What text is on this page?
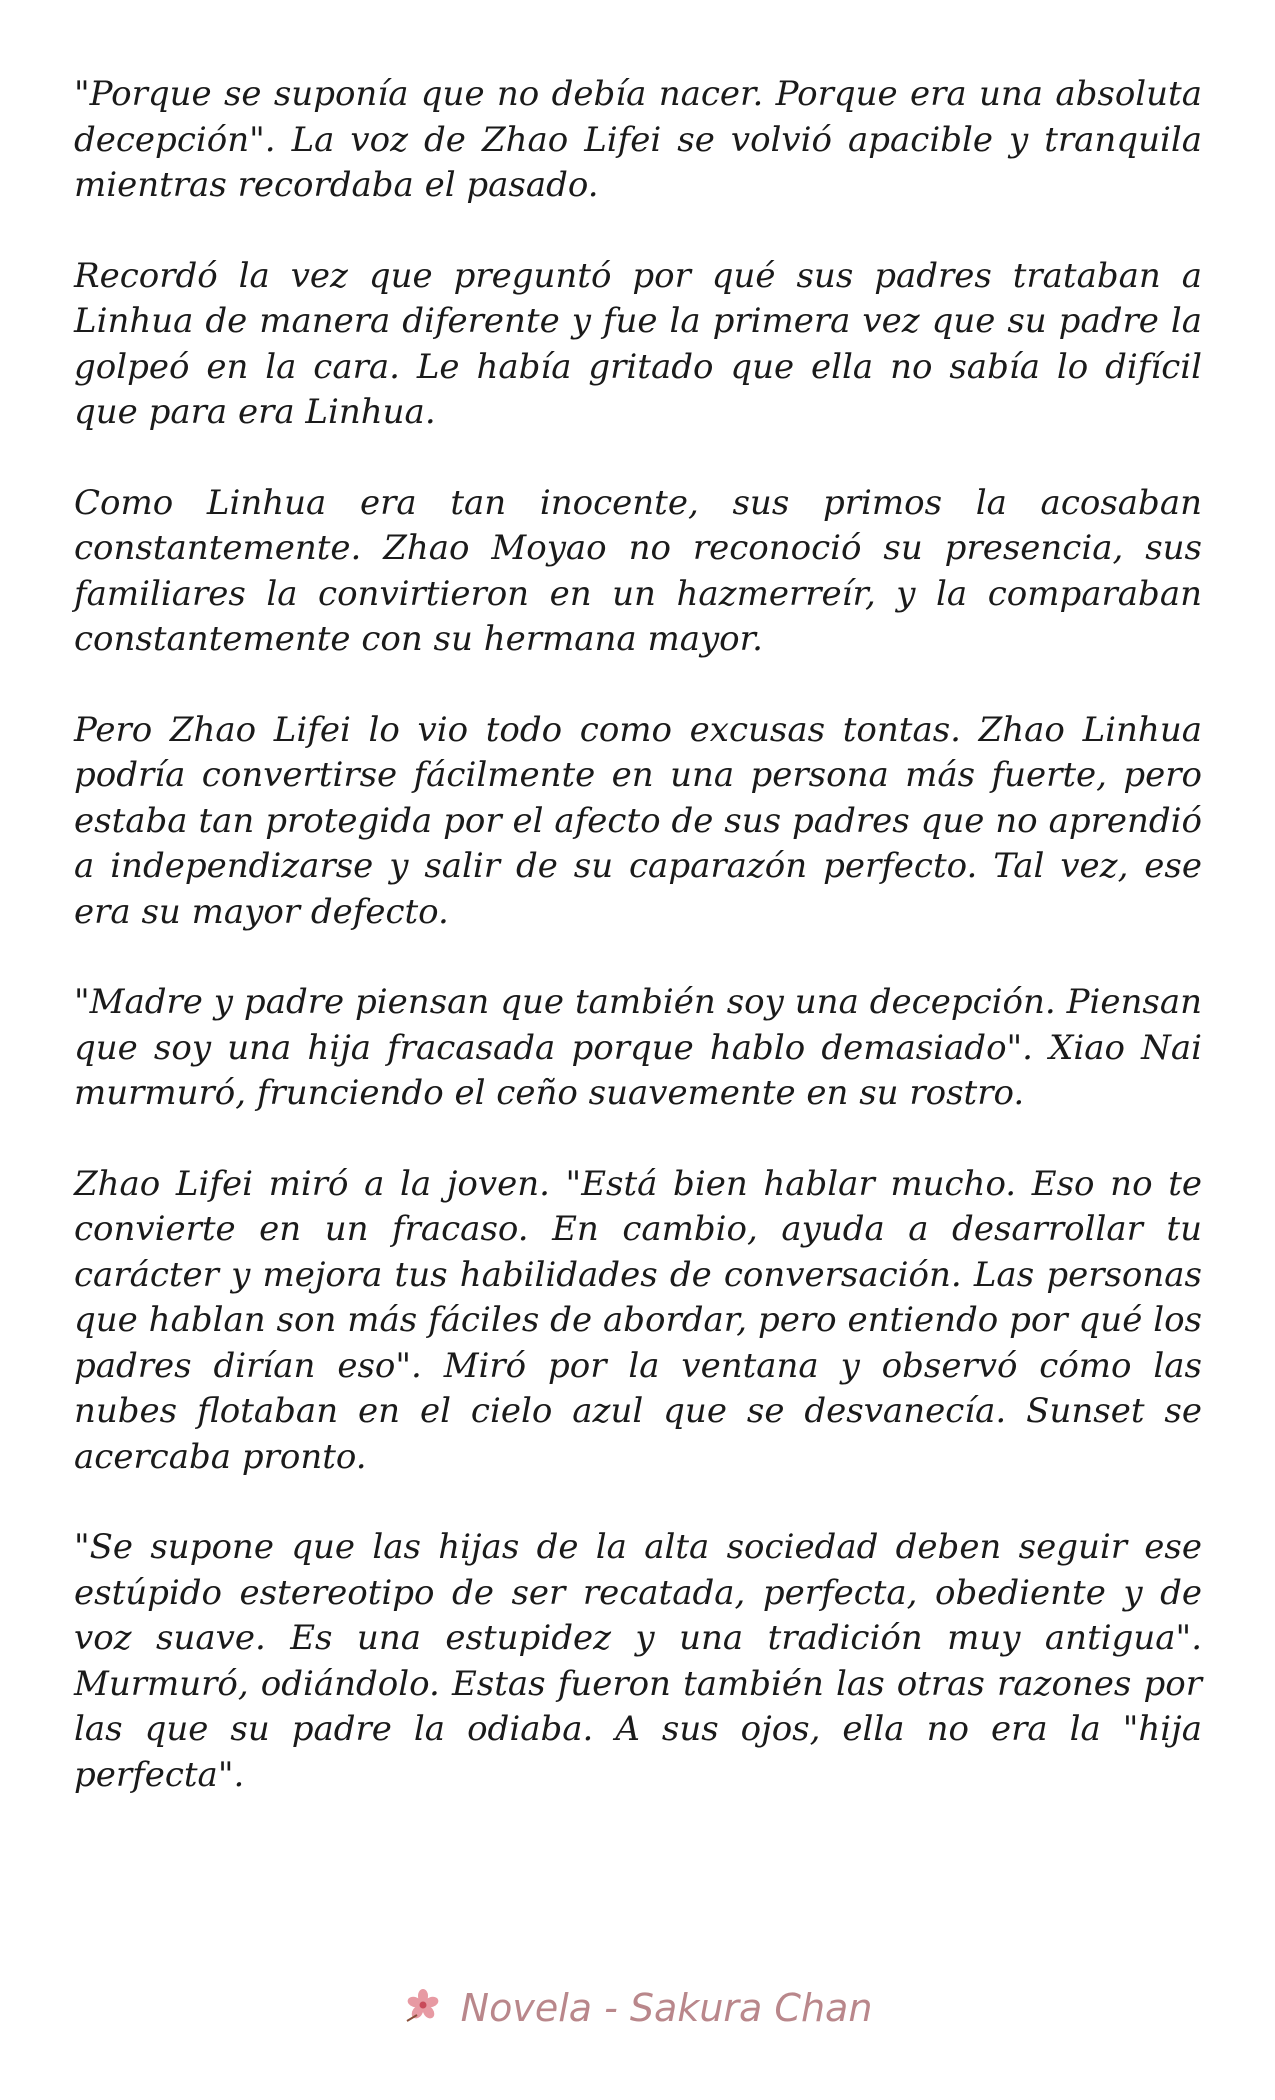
"Porque se suponía que no debía nacer. Porque era una absoluta decepción". La voz de Zhao Lifei se volvió apacible y tranquila mientras recordaba el pasado.

Recordó la vez que preguntó por qué sus padres trataban a Linhua de manera diferente y fue la primera vez que su padre la golpeó en la cara. Le había gritado que ella no sabía lo difícil que para era Linhua.

Como Linhua era tan inocente, sus primos la acosaban constantemente. Zhao Moyao no reconoció su presencia, sus familiares la convirtieron en un hazmerreír, y la comparaban constantemente con su hermana mayor.

Pero Zhao Lifei lo vio todo como excusas tontas. Zhao Linhua podría convertirse fácilmente en una persona más fuerte, pero estaba tan protegida por el afecto de sus padres que no aprendió a independizarse y salir de su caparazón perfecto. Tal vez, ese era su mayor defecto.

"Madre y padre piensan que también soy una decepción. Piensan que soy una hija fracasada porque hablo demasiado". Xiao Nai murmuró, frunciendo el ceño suavemente en su rostro.

Zhao Lifei miró a la joven. "Está bien hablar mucho. Eso no te convierte en un fracaso. En cambio, ayuda a desarrollar tu carácter y mejora tus habilidades de conversación. Las personas que hablan son más fáciles de abordar, pero entiendo por qué los padres dirían eso". Miró por la ventana y observó cómo las nubes flotaban en el cielo azul que se desvanecía. Sunset se acercaba pronto.

"Se supone que las hijas de la alta sociedad deben seguir ese estúpido estereotipo de ser recatada, perfecta, obediente y de voz suave. Es una estupidez y una tradición muy antigua". Murmuró, odiándolo. Estas fueron también las otras razones por las que su padre la odiaba. A sus ojos, ella no era la "hija perfecta".

Novela - Sakura Chan
